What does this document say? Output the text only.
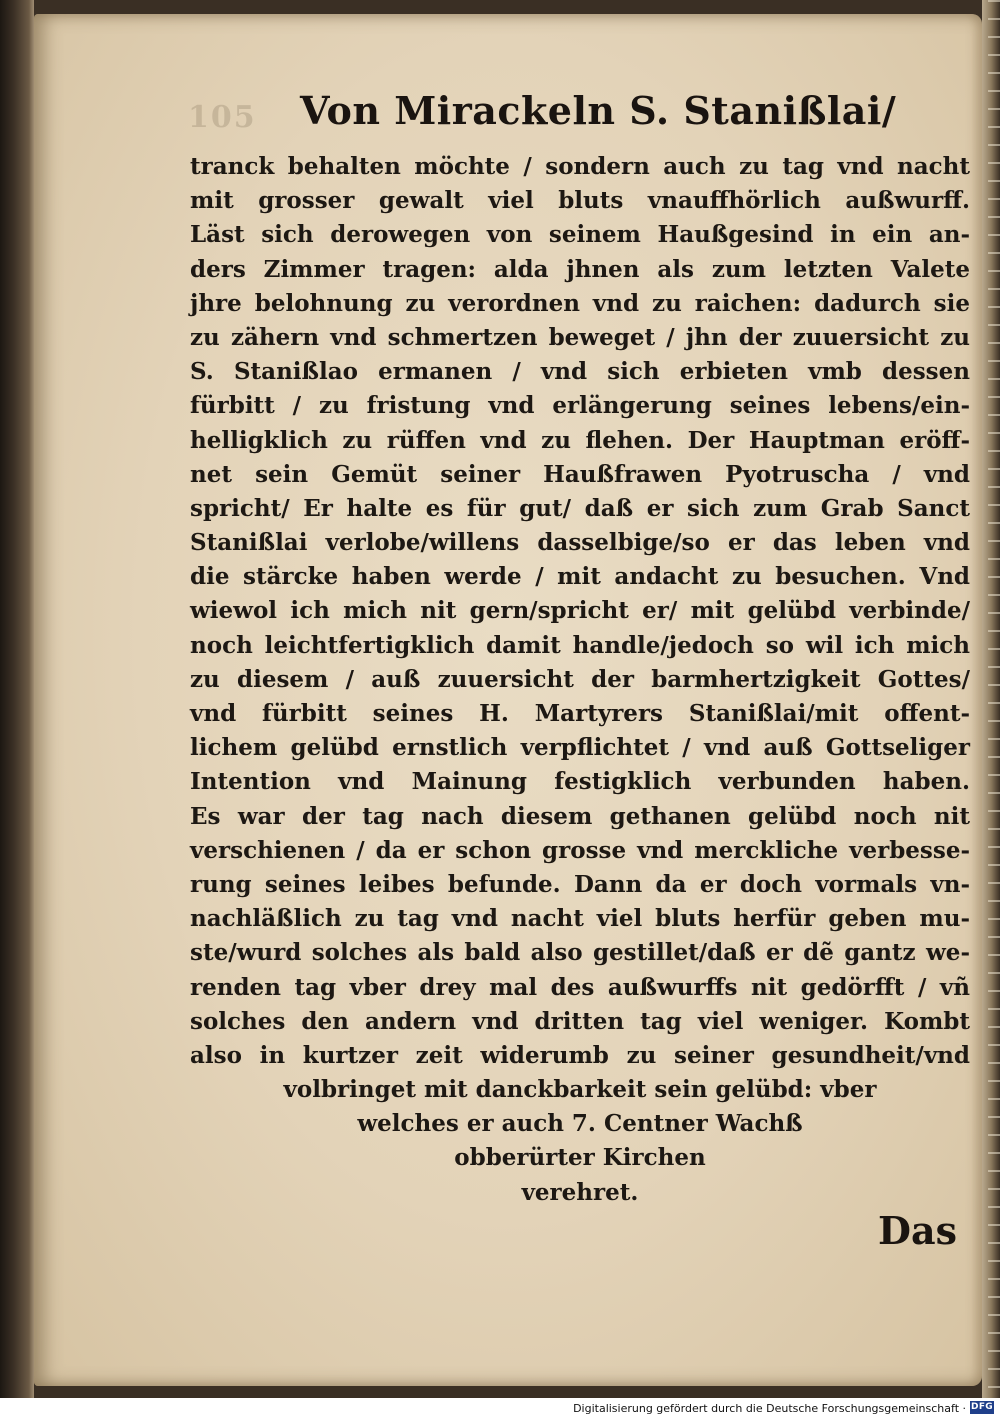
105 Von Mirackeln S. Stanißlai/
tranck behalten möchte / sondern auch zu tag vnd nacht
mit grosser gewalt viel bluts vnauffhörlich außwurff.
Läst sich derowegen von seinem Haußgesind in ein an-
ders Zimmer tragen: alda jhnen als zum letzten Valete
jhre belohnung zu verordnen vnd zu raichen: dadurch sie
zu zähern vnd schmertzen beweget / jhn der zuuersicht zu
S. Stanißlao ermanen / vnd sich erbieten vmb dessen
fürbitt / zu fristung vnd erlängerung seines lebens/ein-
helligklich zu rüffen vnd zu flehen. Der Hauptman eröff-
net sein Gemüt seiner Haußfrawen Pyotruscha / vnd
spricht/ Er halte es für gut/ daß er sich zum Grab Sanct
Stanißlai verlobe/willens dasselbige/so er das leben vnd
die stärcke haben werde / mit andacht zu besuchen. Vnd
wiewol ich mich nit gern/spricht er/ mit gelübd verbinde/
noch leichtfertigklich damit handle/jedoch so wil ich mich
zu diesem / auß zuuersicht der barmhertzigkeit Gottes/
vnd fürbitt seines H. Martyrers Stanißlai/mit offent-
lichem gelübd ernstlich verpflichtet / vnd auß Gottseliger
Intention vnd Mainung festigklich verbunden haben.
Es war der tag nach diesem gethanen gelübd noch nit
verschienen / da er schon grosse vnd merckliche verbesse-
rung seines leibes befunde. Dann da er doch vormals vn-
nachläßlich zu tag vnd nacht viel bluts herfür geben mu-
ste/wurd solches als bald also gestillet/daß er dẽ gantz we-
renden tag vber drey mal des außwurffs nit gedörfft / vñ
solches den andern vnd dritten tag viel weniger. Kombt
also in kurtzer zeit widerumb zu seiner gesundheit/vnd
volbringet mit danckbarkeit sein gelübd: vber
welches er auch 7. Centner Wachß
obberürter Kirchen
verehret.
Das
Digitalisierung gefördert durch die Deutsche Forschungsgemeinschaft · DFG
